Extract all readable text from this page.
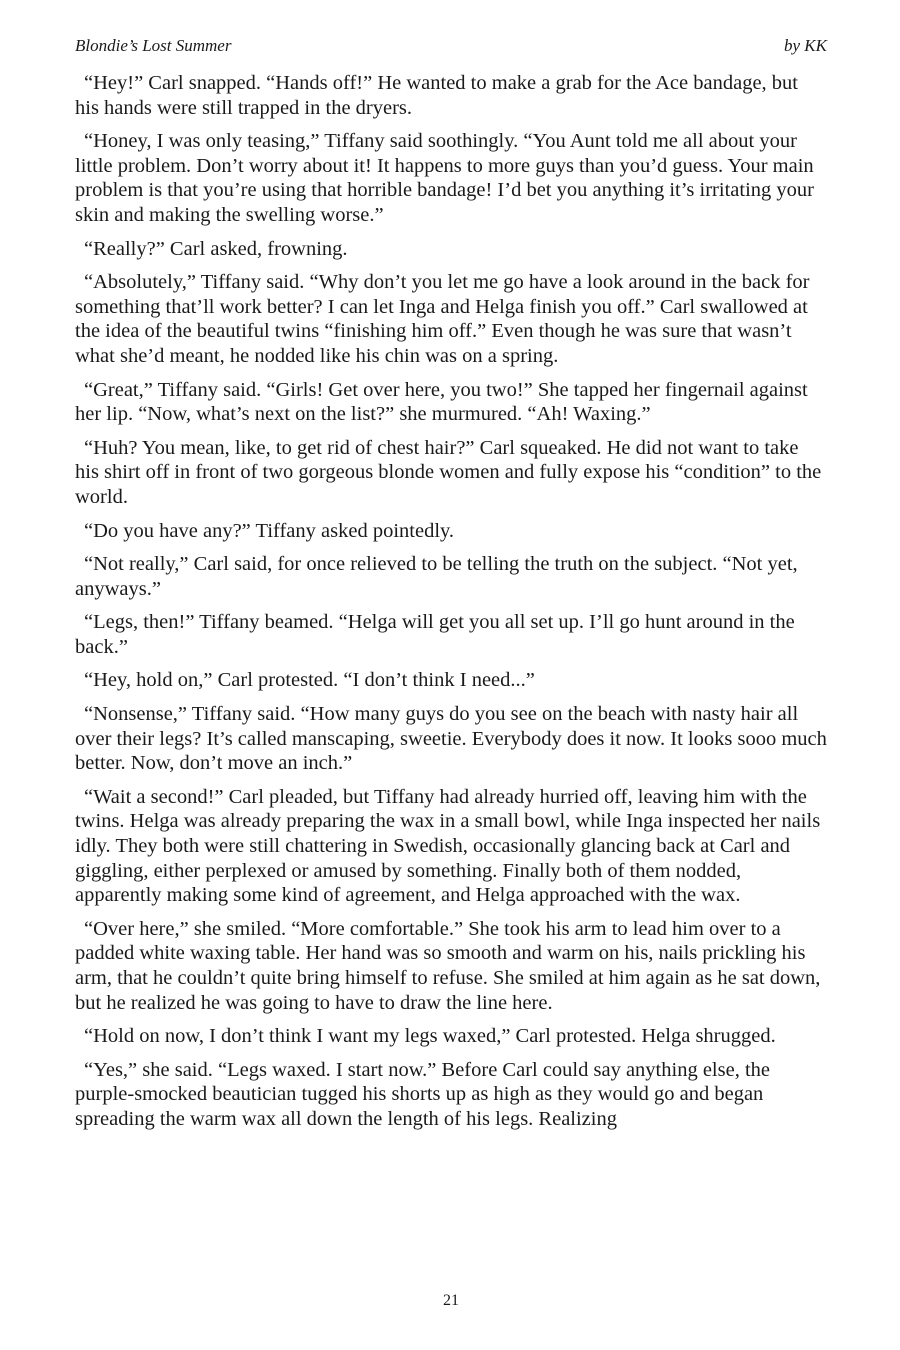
Blondie’s Lost Summer	by KK

“Hey!” Carl snapped. “Hands off!” He wanted to make a grab for the Ace bandage, but his hands were still trapped in the dryers.

“Honey, I was only teasing,” Tiffany said soothingly. “You Aunt told me all about your little problem. Don’t worry about it! It happens to more guys than you’d guess. Your main problem is that you’re using that horrible bandage! I’d bet you anything it’s irritating your skin and making the swelling worse.”

“Really?” Carl asked, frowning.

“Absolutely,” Tiffany said. “Why don’t you let me go have a look around in the back for something that’ll work better? I can let Inga and Helga finish you off.” Carl swallowed at the idea of the beautiful twins “finishing him off.” Even though he was sure that wasn’t what she’d meant, he nodded like his chin was on a spring.

“Great,” Tiffany said. “Girls! Get over here, you two!” She tapped her fingernail against her lip. “Now, what’s next on the list?” she murmured. “Ah! Waxing.”

“Huh? You mean, like, to get rid of chest hair?” Carl squeaked. He did not want to take his shirt off in front of two gorgeous blonde women and fully expose his “condition” to the world.

“Do you have any?” Tiffany asked pointedly.

“Not really,” Carl said, for once relieved to be telling the truth on the subject. “Not yet, anyways.”

“Legs, then!” Tiffany beamed. “Helga will get you all set up. I’ll go hunt around in the back.”

“Hey, hold on,” Carl protested. “I don’t think I need...”

“Nonsense,” Tiffany said. “How many guys do you see on the beach with nasty hair all over their legs? It’s called manscaping, sweetie. Everybody does it now. It looks sooo much better. Now, don’t move an inch.”

“Wait a second!” Carl pleaded, but Tiffany had already hurried off, leaving him with the twins. Helga was already preparing the wax in a small bowl, while Inga inspected her nails idly. They both were still chattering in Swedish, occasionally glancing back at Carl and giggling, either perplexed or amused by something. Finally both of them nodded, apparently making some kind of agreement, and Helga approached with the wax.

“Over here,” she smiled. “More comfortable.” She took his arm to lead him over to a padded white waxing table. Her hand was so smooth and warm on his, nails prickling his arm, that he couldn’t quite bring himself to refuse. She smiled at him again as he sat down, but he realized he was going to have to draw the line here.

“Hold on now, I don’t think I want my legs waxed,” Carl protested. Helga shrugged.

“Yes,” she said. “Legs waxed. I start now.” Before Carl could say anything else, the purple-smocked beautician tugged his shorts up as high as they would go and began spreading the warm wax all down the length of his legs. Realizing

21
